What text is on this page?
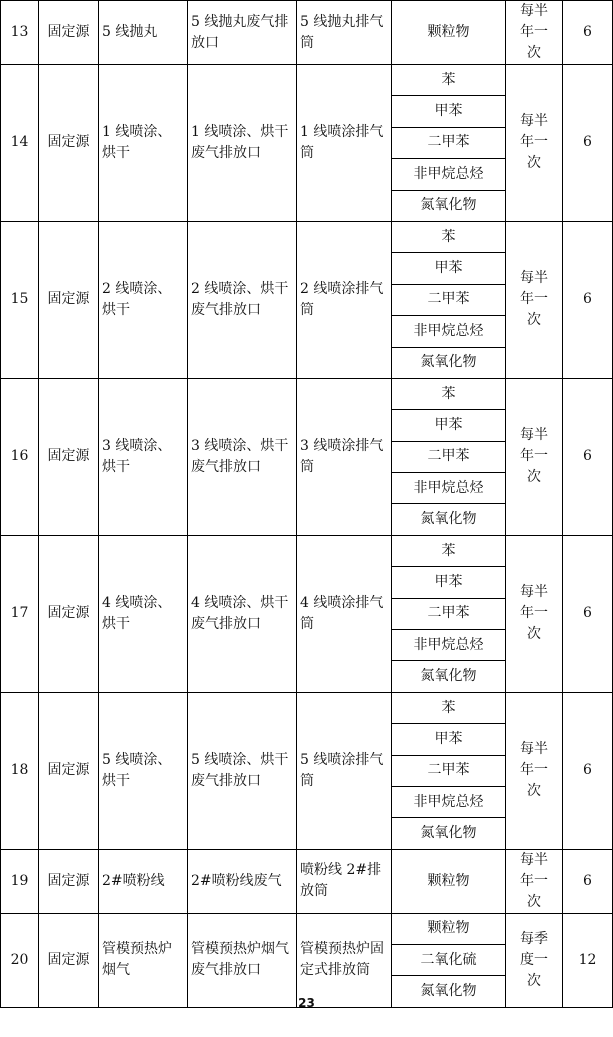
13	固定源	5 线抛丸	5 线抛丸废气排放口	5 线抛丸排气筒	颗粒物	每半年一次	6
14	固定源	1 线喷涂、烘干	1 线喷涂、烘干废气排放口	1 线喷涂排气筒	苯	每半年一次	6
					甲苯		
					二甲苯		
					非甲烷总烃		
					氮氧化物		
15	固定源	2 线喷涂、烘干	2 线喷涂、烘干废气排放口	2 线喷涂排气筒	苯	每半年一次	6
					甲苯		
					二甲苯		
					非甲烷总烃		
					氮氧化物		
16	固定源	3 线喷涂、烘干	3 线喷涂、烘干废气排放口	3 线喷涂排气筒	苯	每半年一次	6
					甲苯		
					二甲苯		
					非甲烷总烃		
					氮氧化物		
17	固定源	4 线喷涂、烘干	4 线喷涂、烘干废气排放口	4 线喷涂排气筒	苯	每半年一次	6
					甲苯		
					二甲苯		
					非甲烷总烃		
					氮氧化物		
18	固定源	5 线喷涂、烘干	5 线喷涂、烘干废气排放口	5 线喷涂排气筒	苯	每半年一次	6
					甲苯		
					二甲苯		
					非甲烷总烃		
					氮氧化物		
19	固定源	2#喷粉线	2#喷粉线废气	喷粉线 2#排放筒	颗粒物	每半年一次	6
20	固定源	管模预热炉烟气	管模预热炉烟气废气排放口	管模预热炉固定式排放筒	颗粒物	每季度一次	12
					二氧化硫		
					氮氧化物		
23
